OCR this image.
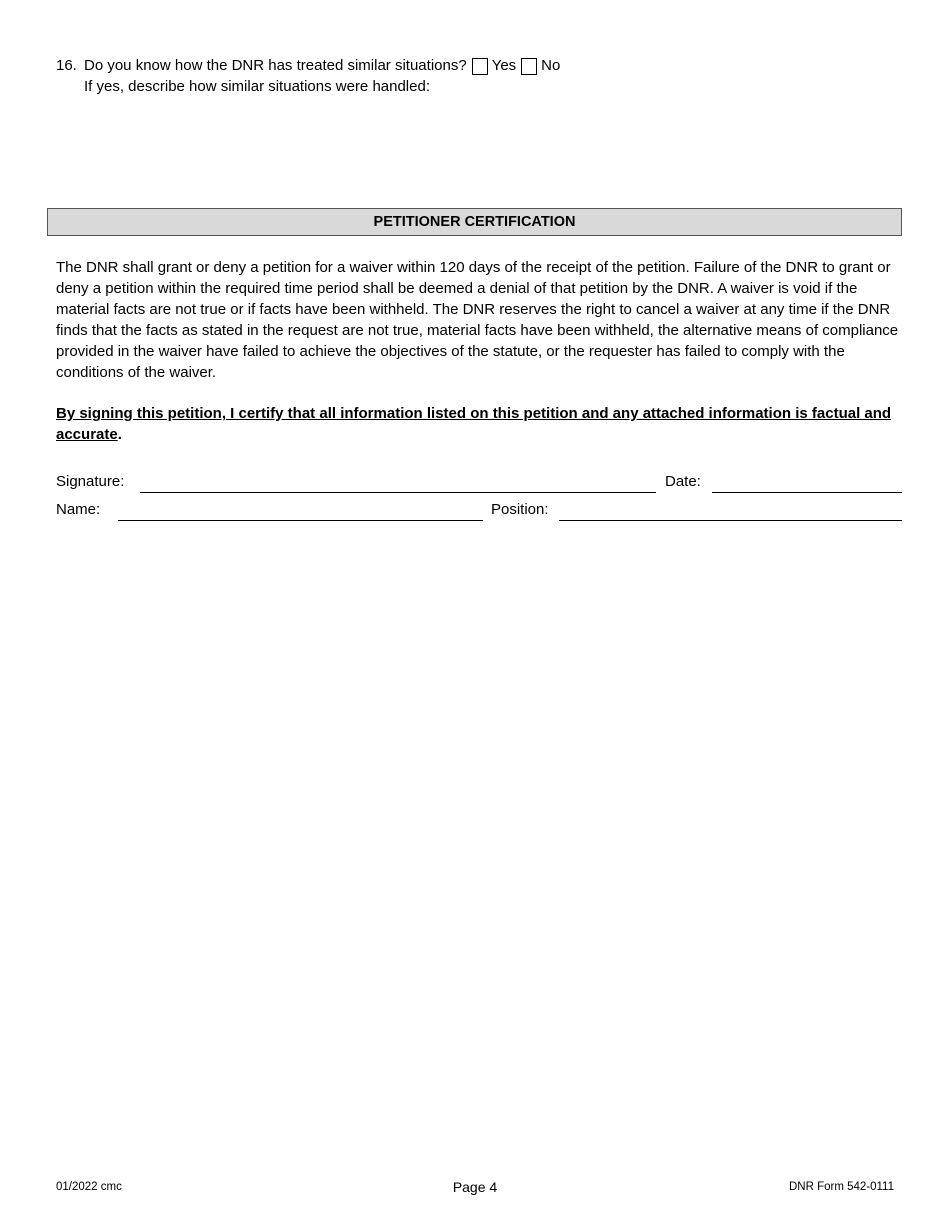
16. Do you know how the DNR has treated similar situations? Yes No
If yes, describe how similar situations were handled:
PETITIONER CERTIFICATION
The DNR shall grant or deny a petition for a waiver within 120 days of the receipt of the petition. Failure of the DNR to grant or deny a petition within the required time period shall be deemed a denial of that petition by the DNR. A waiver is void if the material facts are not true or if facts have been withheld. The DNR reserves the right to cancel a waiver at any time if the DNR finds that the facts as stated in the request are not true, material facts have been withheld, the alternative means of compliance provided in the waiver have failed to achieve the objectives of the statute, or the requester has failed to comply with the conditions of the waiver.
By signing this petition, I certify that all information listed on this petition and any attached information is factual and accurate.
Signature:	Date:
Name:	Position:
01/2022 cmc	Page 4	DNR Form 542-0111
